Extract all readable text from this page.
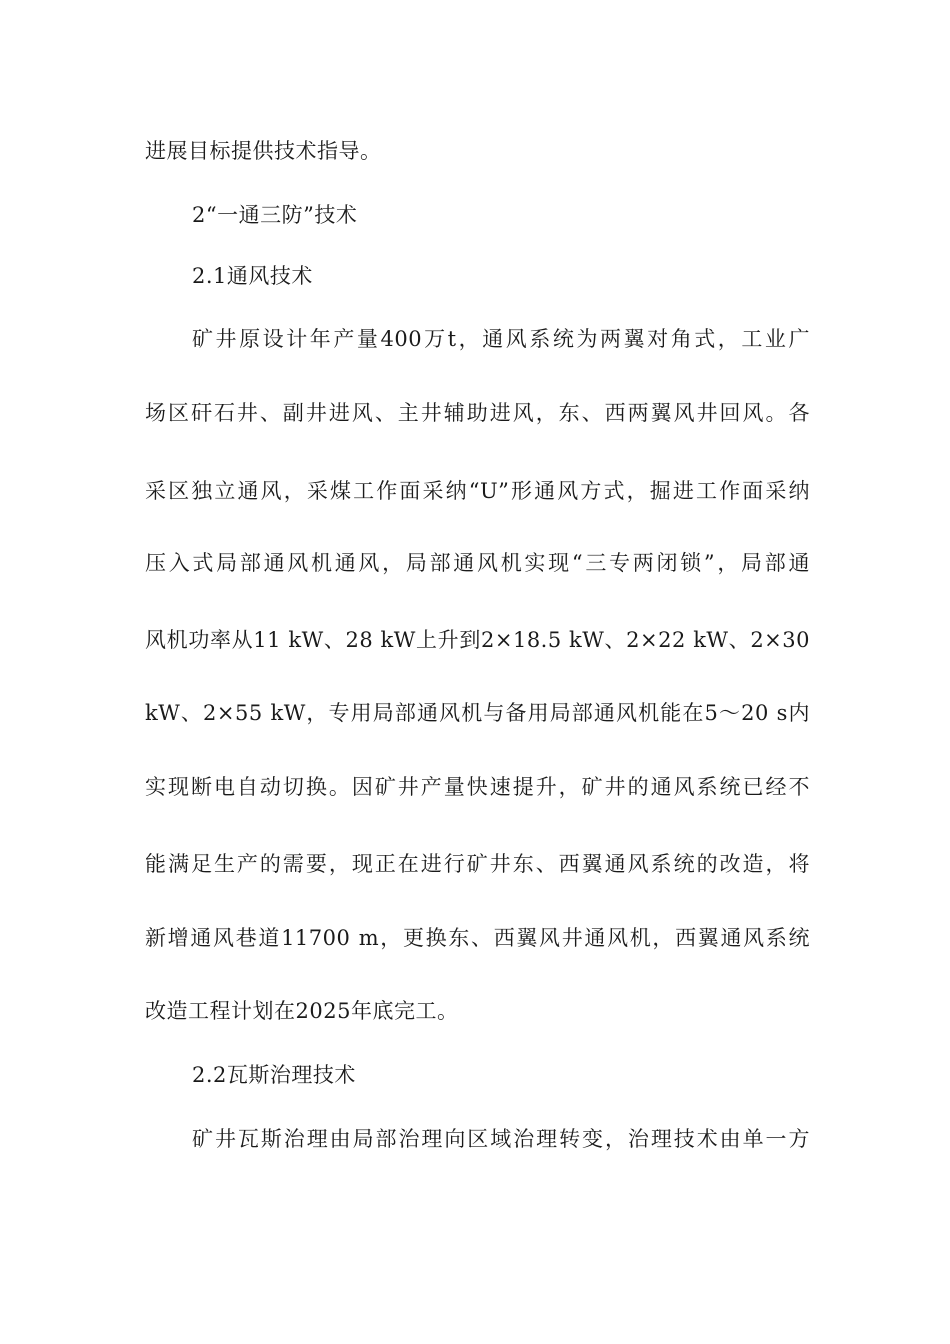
进展目标提供技术指导。
2“一通三防”技术
2.1通风技术
矿井原设计年产量400万t，通风系统为两翼对角式，工业广
场区矸石井、副井进风、主井辅助进风，东、西两翼风井回风。各
采区独立通风，采煤工作面采纳“U”形通风方式，掘进工作面采纳
压入式局部通风机通风，局部通风机实现“三专两闭锁”，局部通
风机功率从11 kW、28 kW上升到2×18.5 kW、2×22 kW、2×30
kW、2×55 kW，专用局部通风机与备用局部通风机能在5～20 s内
实现断电自动切换。因矿井产量快速提升，矿井的通风系统已经不
能满足生产的需要，现正在进行矿井东、西翼通风系统的改造，将
新增通风巷道11700 m，更换东、西翼风井通风机，西翼通风系统
改造工程计划在2025年底完工。
2.2瓦斯治理技术
矿井瓦斯治理由局部治理向区域治理转变，治理技术由单一方
